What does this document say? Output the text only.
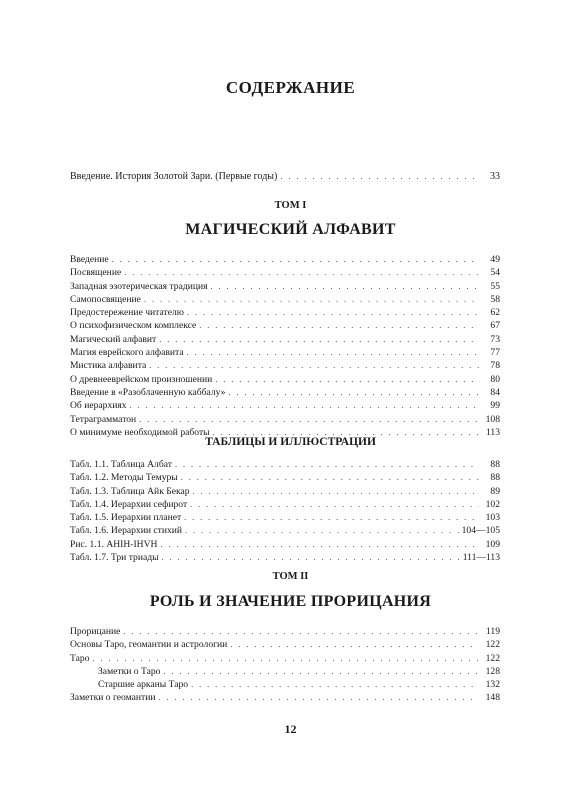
СОДЕРЖАНИЕ
Введение. История Золотой Зари. (Первые годы) . . .	33
ТОМ I
МАГИЧЕСКИЙ АЛФАВИТ
Введение . . .	49
Посвящение . . .	54
Западная эзотерическая традиция . . .	55
Самопосвящение . . .	58
Предостережение читателю . . .	62
О психофизическом комплексе . . .	67
Магический алфавит . . .	73
Магия еврейского алфавита . . .	77
Мистика алфавита . . .	78
О древнееврейском произношении . . .	80
Введение в «Разоблаченную каббалу» . . .	84
Об иерархиях . . .	99
Тетраграмматон . . .	108
О минимуме необходимой работы . . .	113
ТАБЛИЦЫ И ИЛЛЮСТРАЦИИ
Табл. 1.1. Таблица Албат . . .	88
Табл. 1.2. Методы Темуры . . .	88
Табл. 1.3. Таблица Айк Бекар . . .	89
Табл. 1.4. Иерархии сефирот . . .	102
Табл. 1.5. Иерархии планет . . .	103
Табл. 1.6. Иерархии стихий . . .	104—105
Рис. 1.1. AHIH-IHVH . . .	109
Табл. 1.7. Три триады . . .	111—113
ТОМ II
РОЛЬ И ЗНАЧЕНИЕ ПРОРИЦАНИЯ
Прорицание . . .	119
Основы Таро, геомантии и астрологии . . .	122
Таро . . .	122
Заметки о Таро . . .	128
Старшие арканы Таро . . .	132
Заметки о геомантии . . .	148
12
